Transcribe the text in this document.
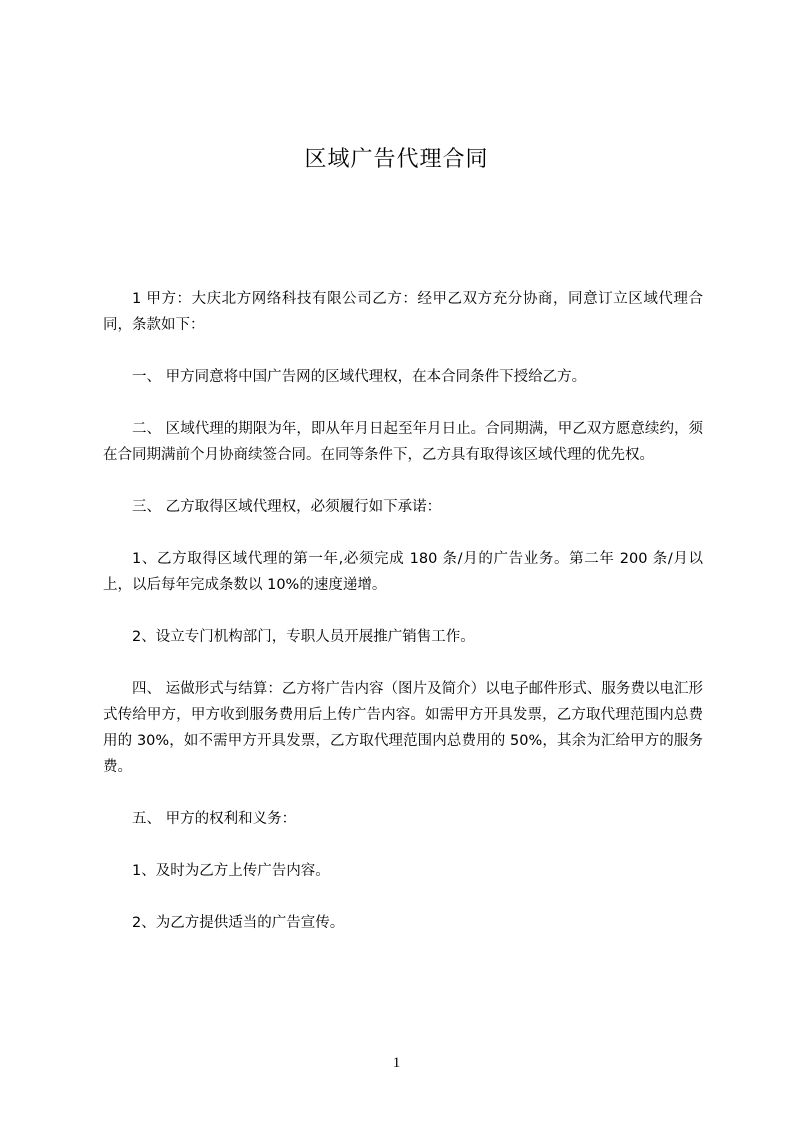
区域广告代理合同

1 甲方：大庆北方网络科技有限公司乙方：经甲乙双方充分协商，同意订立区域代理合同，条款如下：

一、 甲方同意将中国广告网的区域代理权，在本合同条件下授给乙方。

二、 区域代理的期限为年，即从年月日起至年月日止。合同期满，甲乙双方愿意续约，须在合同期满前个月协商续签合同。在同等条件下，乙方具有取得该区域代理的优先权。

三、 乙方取得区域代理权，必须履行如下承诺：

1、乙方取得区域代理的第一年,必须完成 180 条/月的广告业务。第二年 200 条/月以上，以后每年完成条数以 10%的速度递增。

2、设立专门机构部门，专职人员开展推广销售工作。

四、 运做形式与结算：乙方将广告内容（图片及简介）以电子邮件形式、服务费以电汇形式传给甲方，甲方收到服务费用后上传广告内容。如需甲方开具发票，乙方取代理范围内总费用的 30%，如不需甲方开具发票，乙方取代理范围内总费用的 50%，其余为汇给甲方的服务费。

五、 甲方的权利和义务：

1、及时为乙方上传广告内容。

2、为乙方提供适当的广告宣传。

1
